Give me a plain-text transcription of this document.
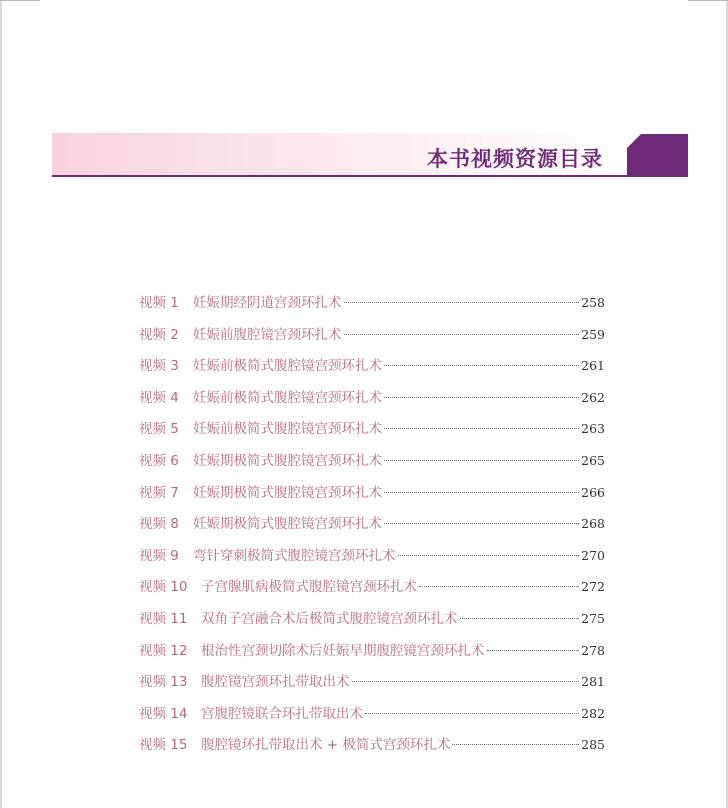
本书视频资源目录
视频 1 妊娠期经阴道宫颈环扎术	258
视频 2 妊娠前腹腔镜宫颈环扎术	259
视频 3 妊娠前极简式腹腔镜宫颈环扎术	261
视频 4 妊娠前极简式腹腔镜宫颈环扎术	262
视频 5 妊娠前极简式腹腔镜宫颈环扎术	263
视频 6 妊娠期极简式腹腔镜宫颈环扎术	265
视频 7 妊娠期极简式腹腔镜宫颈环扎术	266
视频 8 妊娠期极简式腹腔镜宫颈环扎术	268
视频 9 弯针穿刺极简式腹腔镜宫颈环扎术	270
视频 10 子宫腺肌病极简式腹腔镜宫颈环扎术	272
视频 11 双角子宫融合术后极简式腹腔镜宫颈环扎术	275
视频 12 根治性宫颈切除术后妊娠早期腹腔镜宫颈环扎术	278
视频 13 腹腔镜宫颈环扎带取出术	281
视频 14 宫腹腔镜联合环扎带取出术	282
视频 15 腹腔镜环扎带取出术 + 极简式宫颈环扎术	285
